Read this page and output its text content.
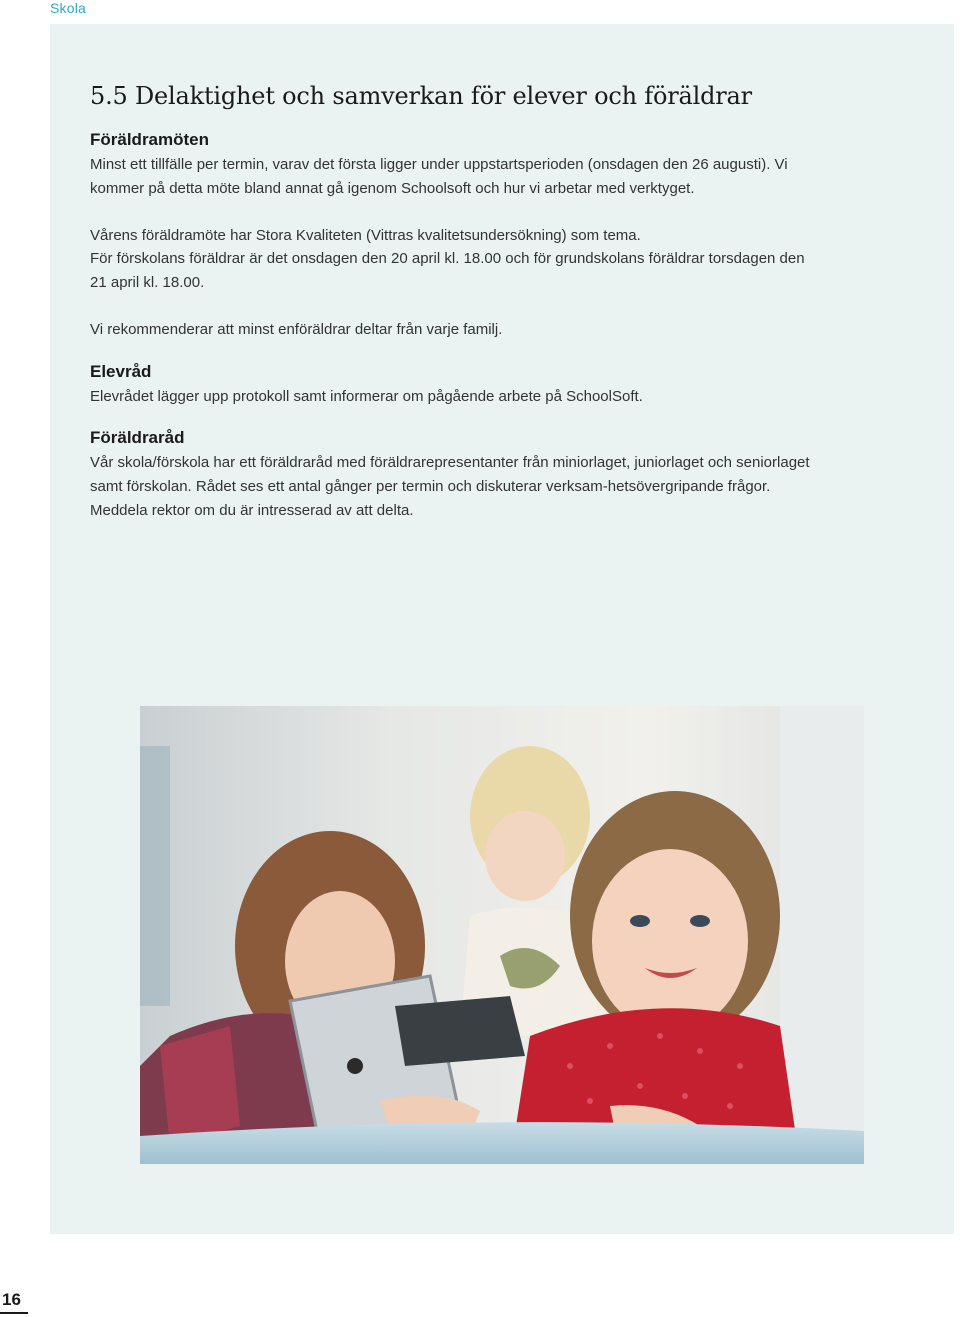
Skola
5.5 Delaktighet och samverkan för elever och föräldrar
Föräldramöten

Minst ett tillfälle per termin, varav det första ligger under uppstartsperioden (onsdagen den 26 augusti). Vi kommer på detta möte bland annat gå igenom Schoolsoft och hur vi arbetar med verktyget.

Vårens föräldramöte har Stora Kvaliteten (Vittras kvalitetsundersökning) som tema.

För förskolans föräldrar är det onsdagen den 20 april kl. 18.00 och för grundskolans föräldrar torsdagen den 21 april kl. 18.00.

Vi rekommenderar att minst enföräldrar deltar från varje familj.

Elevråd

Elevrådet lägger upp protokoll samt informerar om pågående arbete på SchoolSoft.

Föräldraråd

Vår skola/förskola har ett föräldraråd med föräldrarepresentanter från miniorlaget, juniorlaget och seniorlaget samt förskolan. Rådet ses ett antal gånger per termin och diskuterar verksam-hetsövergripande frågor. Meddela rektor om du är intresserad av att delta.

16
